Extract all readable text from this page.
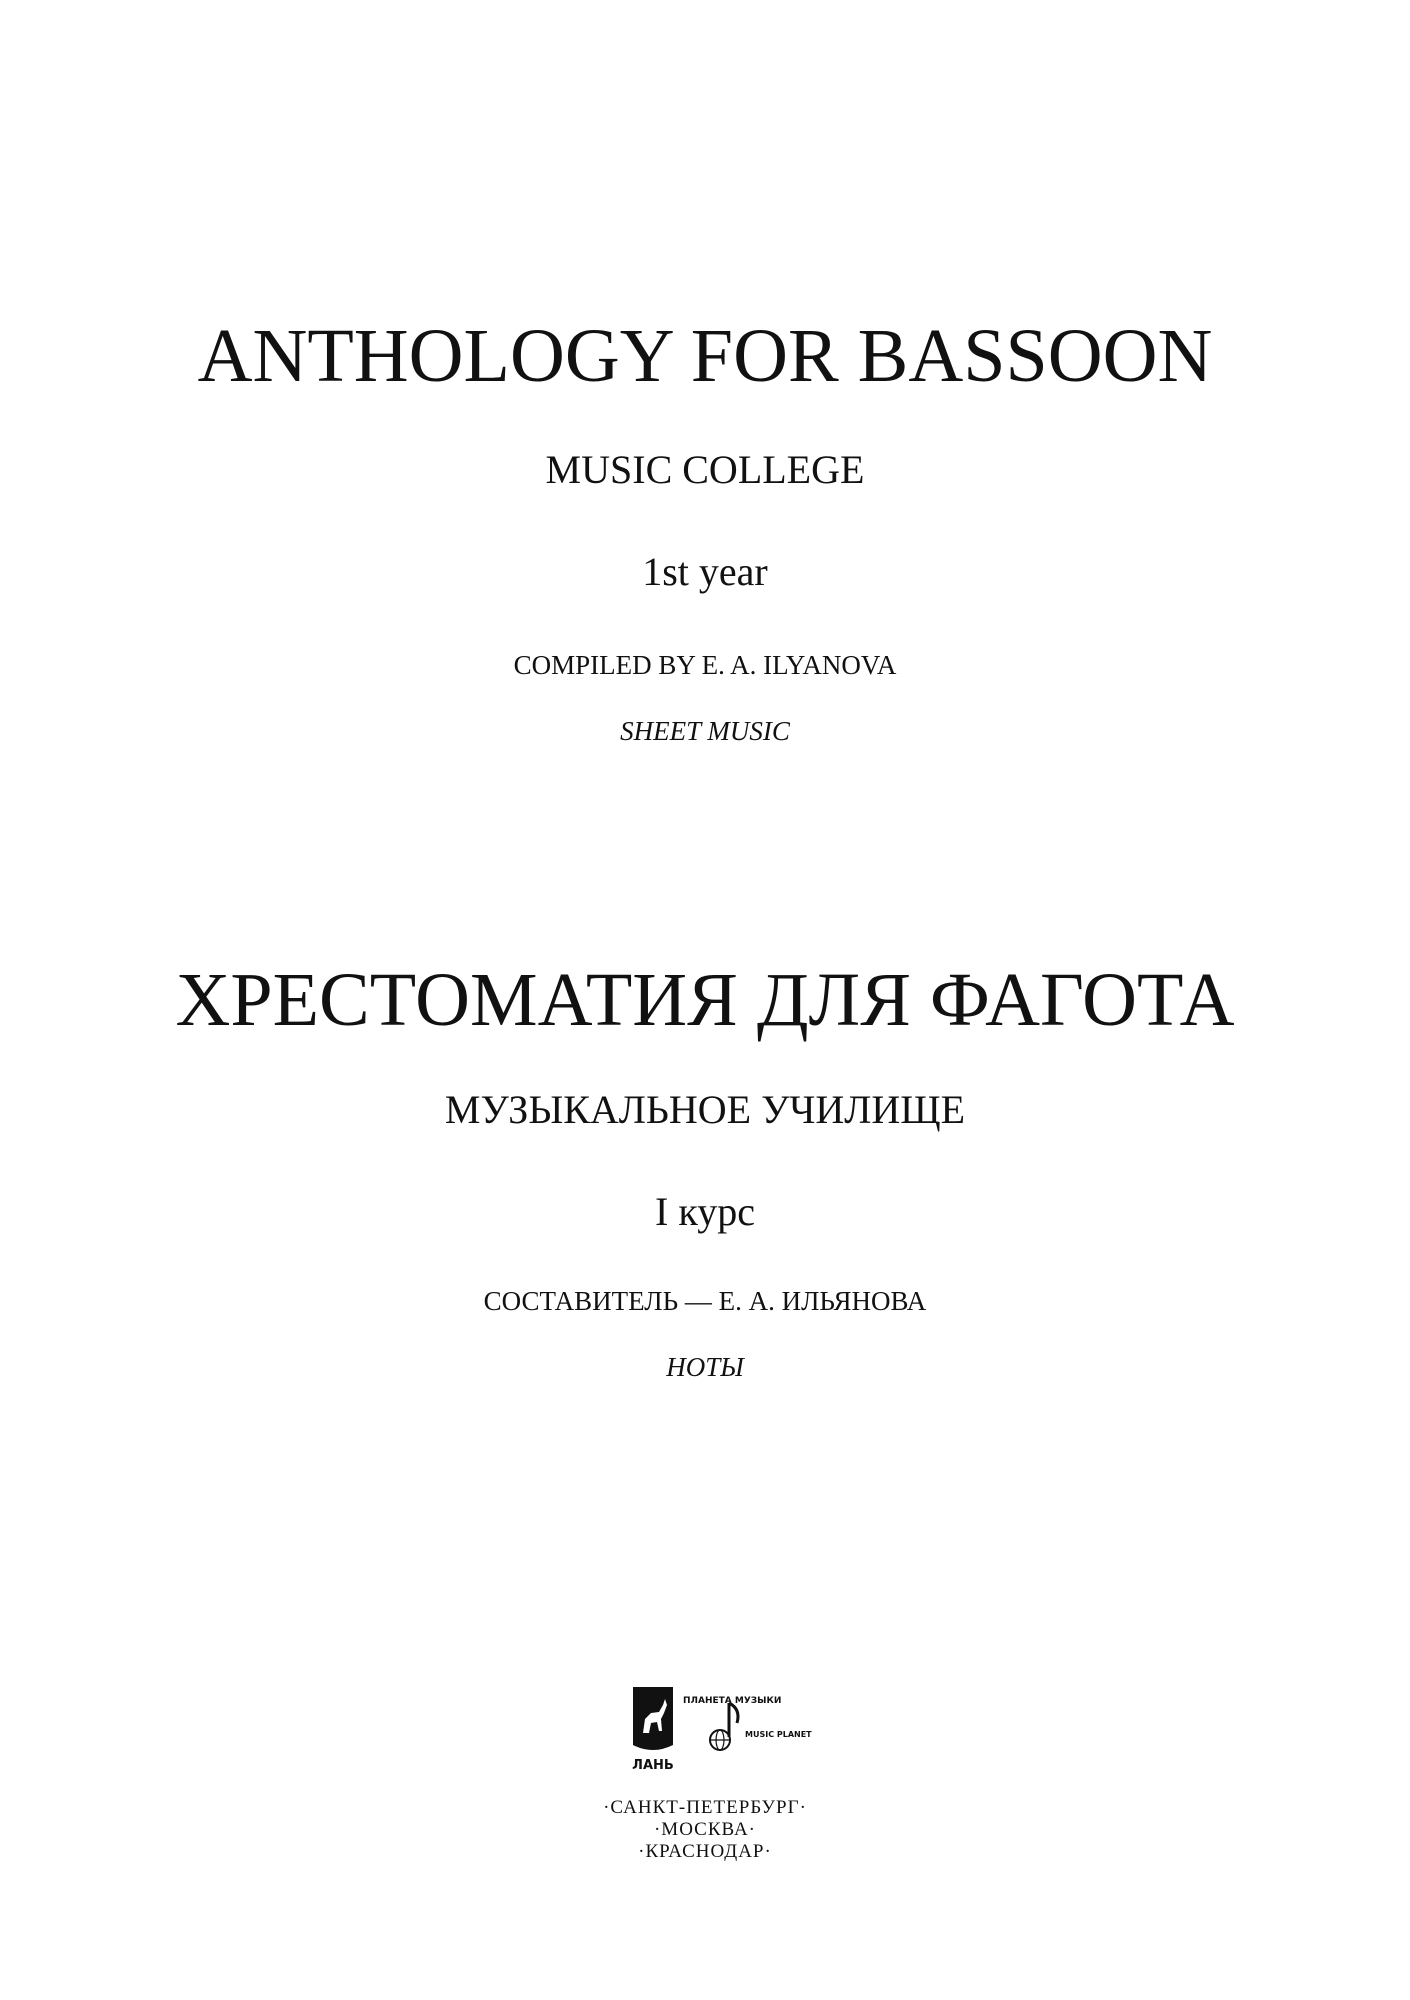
ANTHOLOGY FOR BASSOON
MUSIC COLLEGE
1st year
COMPILED BY E. A. ILYANOVA
SHEET MUSIC
ХРЕСТОМАТИЯ ДЛЯ ФАГОТА
МУЗЫКАЛЬНОЕ УЧИЛИЩЕ
I курс
СОСТАВИТЕЛЬ — Е. А. ИЛЬЯНОВА
НОТЫ
ЛАНЬ
ПЛАНЕТА МУЗЫКИ
MUSIC PLANET
·САНКТ-ПЕТЕРБУРГ·
·МОСКВА·
·КРАСНОДАР·
